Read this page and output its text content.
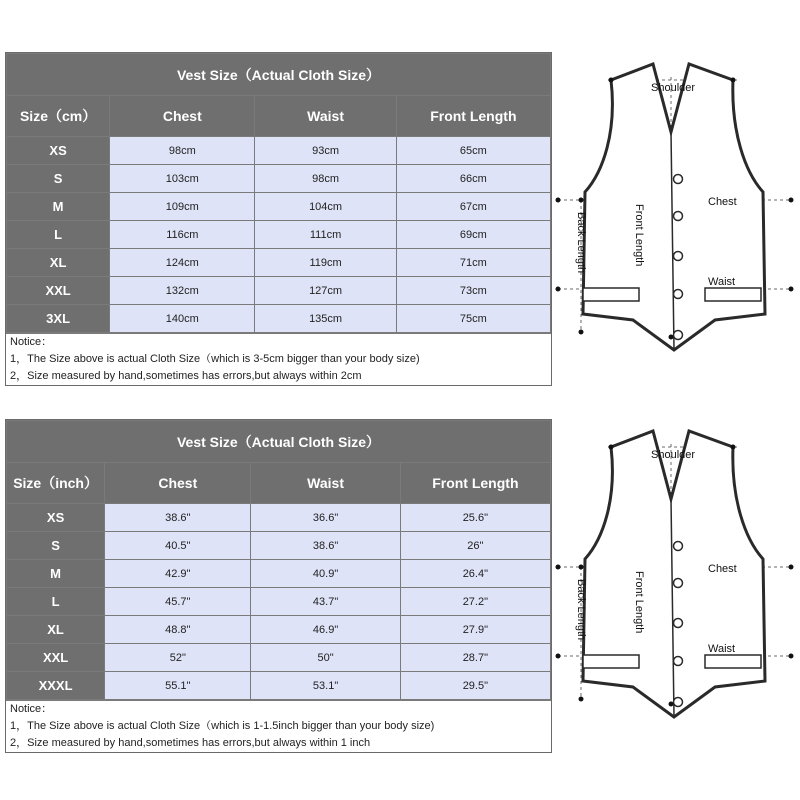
Vest Size（Actual Cloth Size）			
Size（cm）	Chest	Waist	Front Length
XS	98cm	93cm	65cm
S	103cm	98cm	66cm
M	109cm	104cm	67cm
L	116cm	111cm	69cm
XL	124cm	119cm	71cm
XXL	132cm	127cm	73cm
3XL	140cm	135cm	75cm
Notice：
1，The Size above is actual Cloth Size（which is 3-5cm bigger than your body size)
2，Size measured by hand,sometimes has errors,but always within 2cm
Vest Size（Actual Cloth Size）			
Size（inch）	Chest	Waist	Front Length
XS	38.6"	36.6"	25.6"
S	40.5"	38.6"	26"
M	42.9"	40.9"	26.4"
L	45.7"	43.7"	27.2"
XL	48.8"	46.9"	27.9"
XXL	52"	50"	28.7"
XXXL	55.1"	53.1"	29.5"
Notice：
1，The Size above is actual Cloth Size（which is 1-1.5inch bigger than your body size)
2，Size measured by hand,sometimes has errors,but always within 1 inch
Shoulder
Chest
Waist
Back Length	Front Length
Shoulder
Chest
Waist
Back Length	Front Length
